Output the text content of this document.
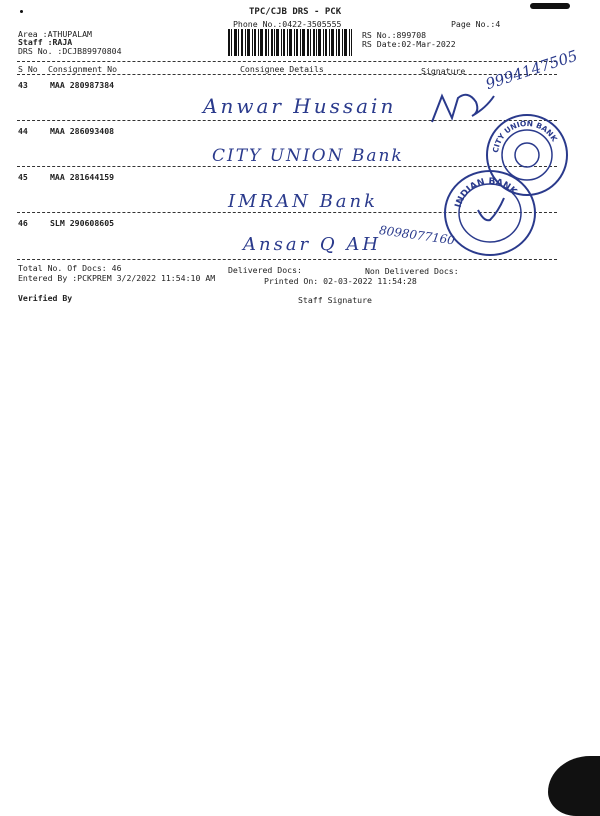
TPC/CJB DRS - PCK
Phone No.:0422-3505555	Page No.:4
Area :ATHUPALAM
Staff :RAJA
DRS No. :DCJB89970804
RS No.:899708
RS Date:02-Mar-2022
S No Consignment No	Consignee Details	Signature
43	MAA 280987384
Anwar Hussain
44	MAA 286093408
CITY UNION Bank
45	MAA 281644159
IMRAN Bank
46	SLM 290608605
Ansar Q AH
9994147505
8098077160
CITY UNION BANK
INDIAN BANK
Total No. Of Docs: 46	Delivered Docs:	Non Delivered Docs:
Entered By :PCKPREM 3/2/2022 11:54:10 AM	Printed On: 02-03-2022 11:54:28
Verified By	Staff Signature
